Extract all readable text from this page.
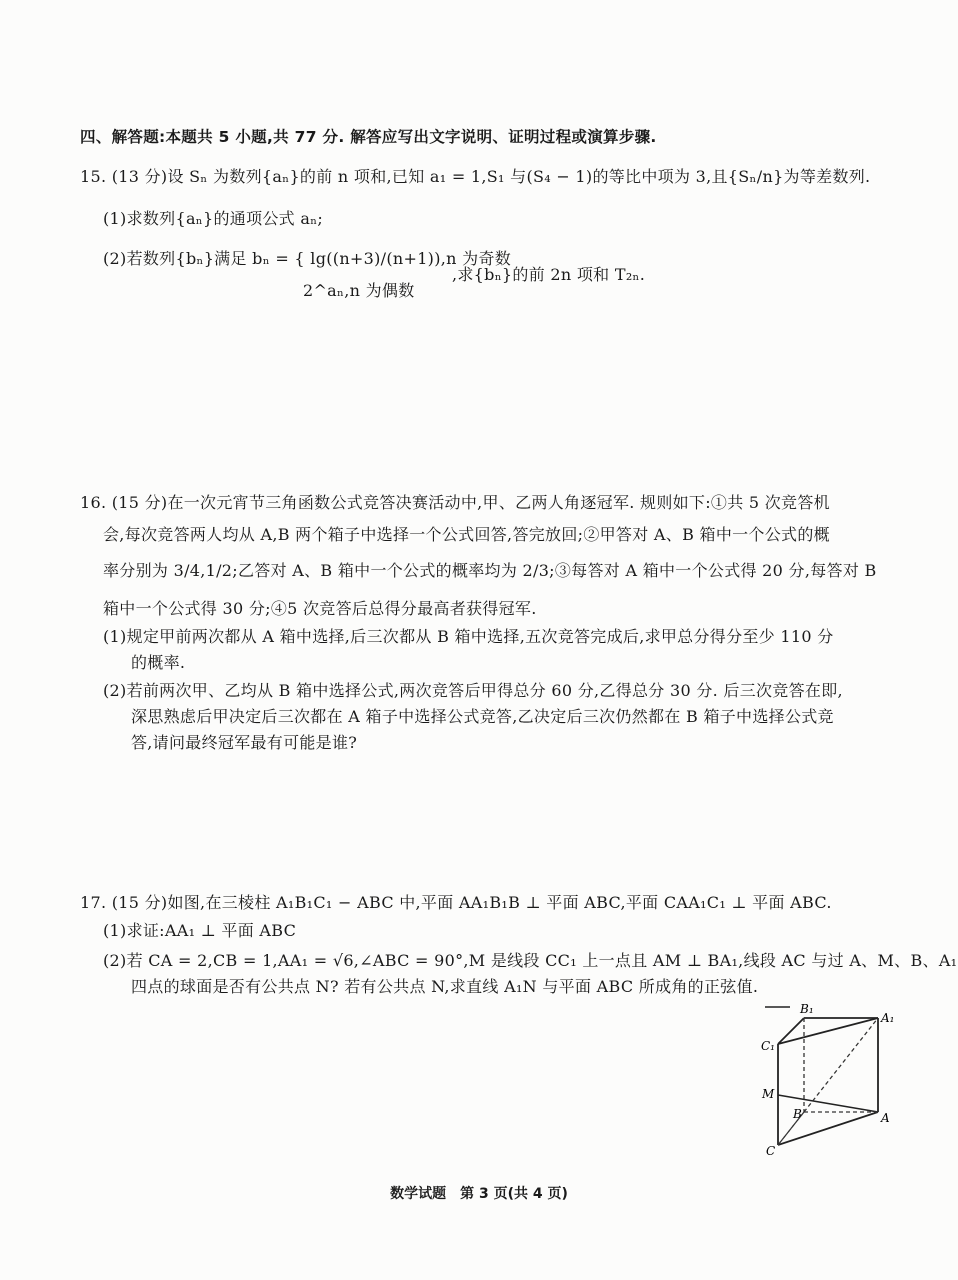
四、解答题:本题共 5 小题,共 77 分. 解答应写出文字说明、证明过程或演算步骤.
15. (13 分)设 Sₙ 为数列{aₙ}的前 n 项和,已知 a₁ = 1,S₁ 与(S₄ − 1)的等比中项为 3,且{Sₙ/n}为等差数列.
(1)求数列{aₙ}的通项公式 aₙ;
(2)若数列{bₙ}满足 bₙ = { lg((n+3)/(n+1)),n 为奇数
2^aₙ,n 为偶数
,求{bₙ}的前 2n 项和 T₂ₙ.
16. (15 分)在一次元宵节三角函数公式竞答决赛活动中,甲、乙两人角逐冠军. 规则如下:①共 5 次竞答机
会,每次竞答两人均从 A,B 两个箱子中选择一个公式回答,答完放回;②甲答对 A、B 箱中一个公式的概
率分别为 3/4,1/2;乙答对 A、B 箱中一个公式的概率均为 2/3;③每答对 A 箱中一个公式得 20 分,每答对 B
箱中一个公式得 30 分;④5 次竞答后总得分最高者获得冠军.
(1)规定甲前两次都从 A 箱中选择,后三次都从 B 箱中选择,五次竞答完成后,求甲总分得分至少 110 分
的概率.
(2)若前两次甲、乙均从 B 箱中选择公式,两次竞答后甲得总分 60 分,乙得总分 30 分. 后三次竞答在即,
深思熟虑后甲决定后三次都在 A 箱子中选择公式竞答,乙决定后三次仍然都在 B 箱子中选择公式竞
答,请问最终冠军最有可能是谁?
17. (15 分)如图,在三棱柱 A₁B₁C₁ − ABC 中,平面 AA₁B₁B ⊥ 平面 ABC,平面 CAA₁C₁ ⊥ 平面 ABC.
(1)求证:AA₁ ⊥ 平面 ABC
(2)若 CA = 2,CB = 1,AA₁ = √6,∠ABC = 90°,M 是线段 CC₁ 上一点且 AM ⊥ BA₁,线段 AC 与过 A、M、B、A₁
四点的球面是否有公共点 N? 若有公共点 N,求直线 A₁N 与平面 ABC 所成角的正弦值.
B₁
A₁
C₁
M
B	A
C
数学试题　第 3 页(共 4 页)
